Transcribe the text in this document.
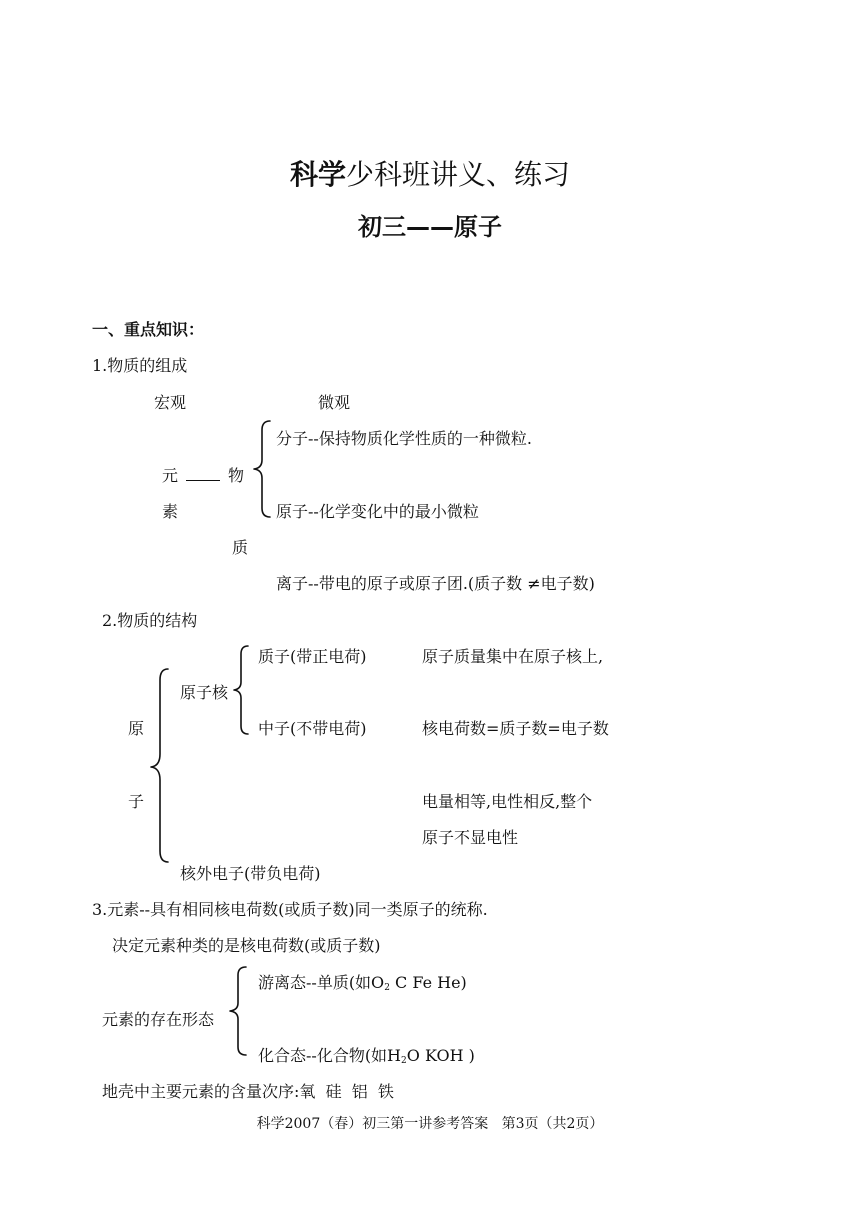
科学少科班讲义、练习
初三——原子
一、重点知识：
1.物质的组成
宏观	微观
分子--保持物质化学性质的一种微粒.
元	物
素	原子--化学变化中的最小微粒
质
离子--带电的原子或原子团.(质子数 ≠电子数)
2.物质的结构
质子(带正电荷)	原子质量集中在原子核上,
原子核
原	中子(不带电荷)	核电荷数=质子数=电子数
子	电量相等,电性相反,整个
原子不显电性
核外电子(带负电荷)
3.元素--具有相同核电荷数(或质子数)同一类原子的统称.
决定元素种类的是核电荷数(或质子数)
游离态--单质(如$O_2$ C Fe He)
元素的存在形态
化合态--化合物(如$H_2O$ KOH )
地壳中主要元素的含量次序:氧  硅  铝  铁
科学2007（春）初三第一讲参考答案   第3页（共2页）
